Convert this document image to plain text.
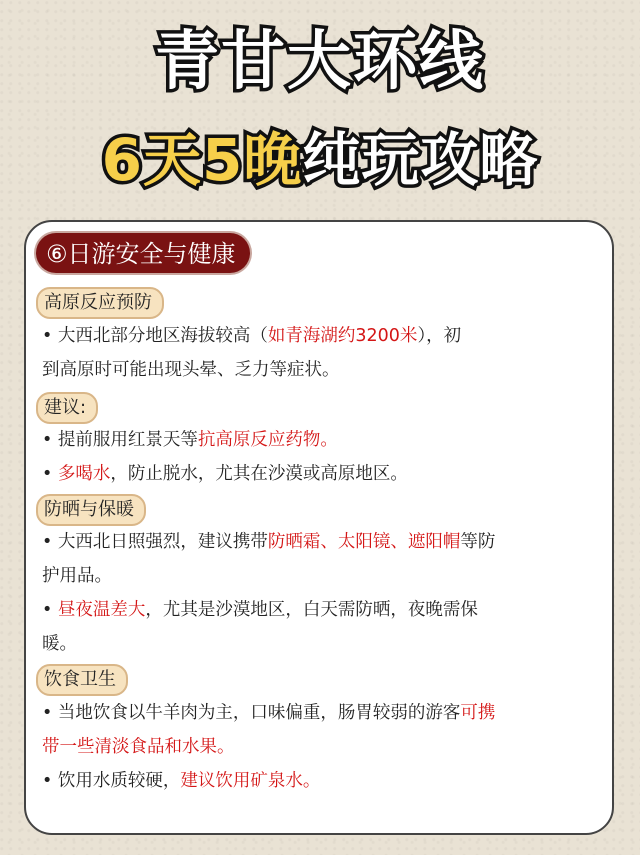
青甘大环线
6天5晚纯玩攻略
⑥日游安全与健康
高原反应预防
• 大西北部分地区海拔较高（如青海湖约3200米），初
到高原时可能出现头晕、乏力等症状。
建议:
• 提前服用红景天等抗高原反应药物。
• 多喝水，防止脱水，尤其在沙漠或高原地区。
防晒与保暖
• 大西北日照强烈，建议携带防晒霜、太阳镜、遮阳帽等防
护用品。
• 昼夜温差大，尤其是沙漠地区，白天需防晒，夜晚需保
暖。
饮食卫生
• 当地饮食以牛羊肉为主，口味偏重，肠胃较弱的游客可携
带一些清淡食品和水果。
• 饮用水质较硬，建议饮用矿泉水。
